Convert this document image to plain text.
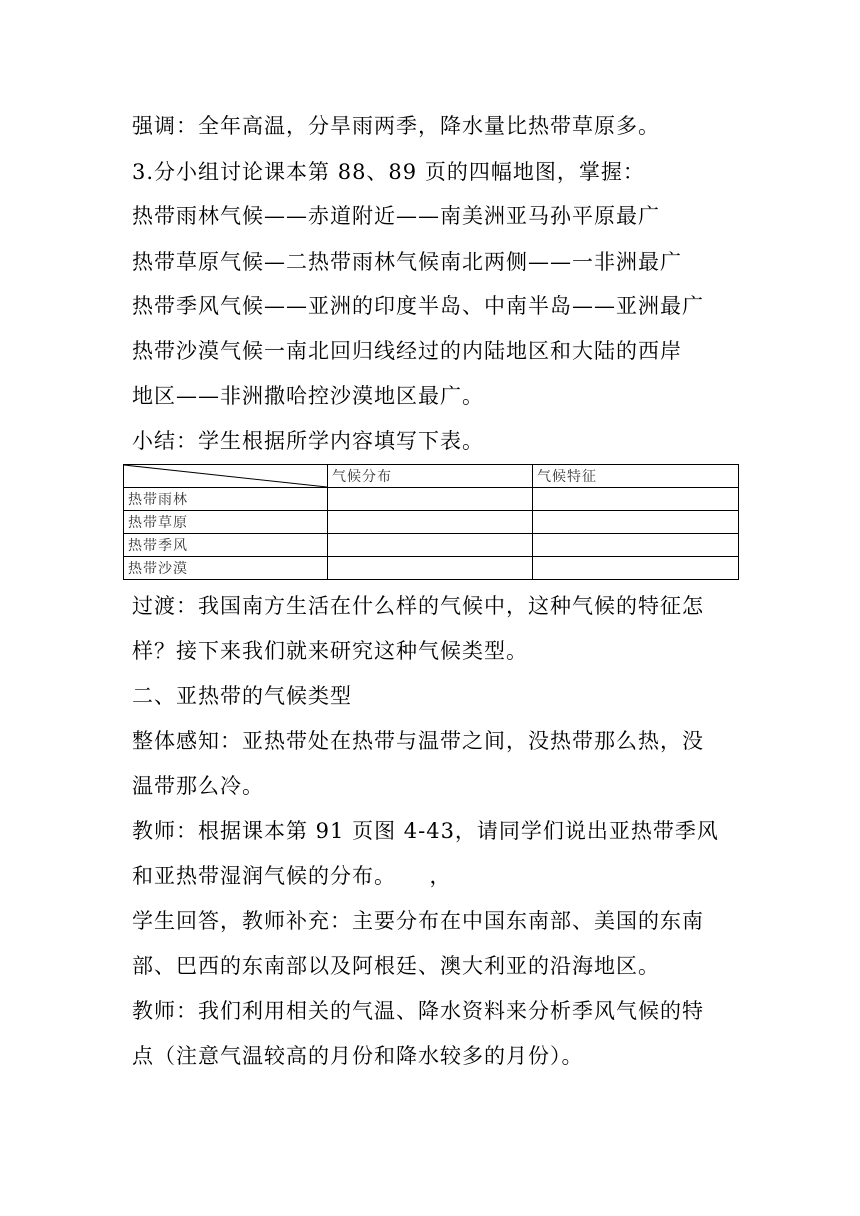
强调：全年高温，分旱雨两季，降水量比热带草原多。
3.分小组讨论课本第 88、89 页的四幅地图，掌握：
热带雨林气候——赤道附近——南美洲亚马孙平原最广
热带草原气候—二热带雨林气候南北两侧——一非洲最广
热带季风气候——亚洲的印度半岛、中南半岛——亚洲最广
热带沙漠气候一南北回归线经过的内陆地区和大陆的西岸
地区——非洲撒哈控沙漠地区最广。
小结：学生根据所学内容填写下表。
	气候分布	气候特征
热带雨林		
热带草原		
热带季风		
热带沙漠		
过渡：我国南方生活在什么样的气候中，这种气候的特征怎
样？接下来我们就来研究这种气候类型。
二、亚热带的气候类型
整体感知：亚热带处在热带与温带之间，没热带那么热，没
温带那么冷。
教师：根据课本第 91 页图 4-43，请同学们说出亚热带季风
和亚热带湿润气候的分布。　　，
学生回答，教师补充：主要分布在中国东南部、美国的东南
部、巴西的东南部以及阿根廷、澳大利亚的沿海地区。
教师：我们利用相关的气温、降水资料来分析季风气候的特
点（注意气温较高的月份和降水较多的月份）。
